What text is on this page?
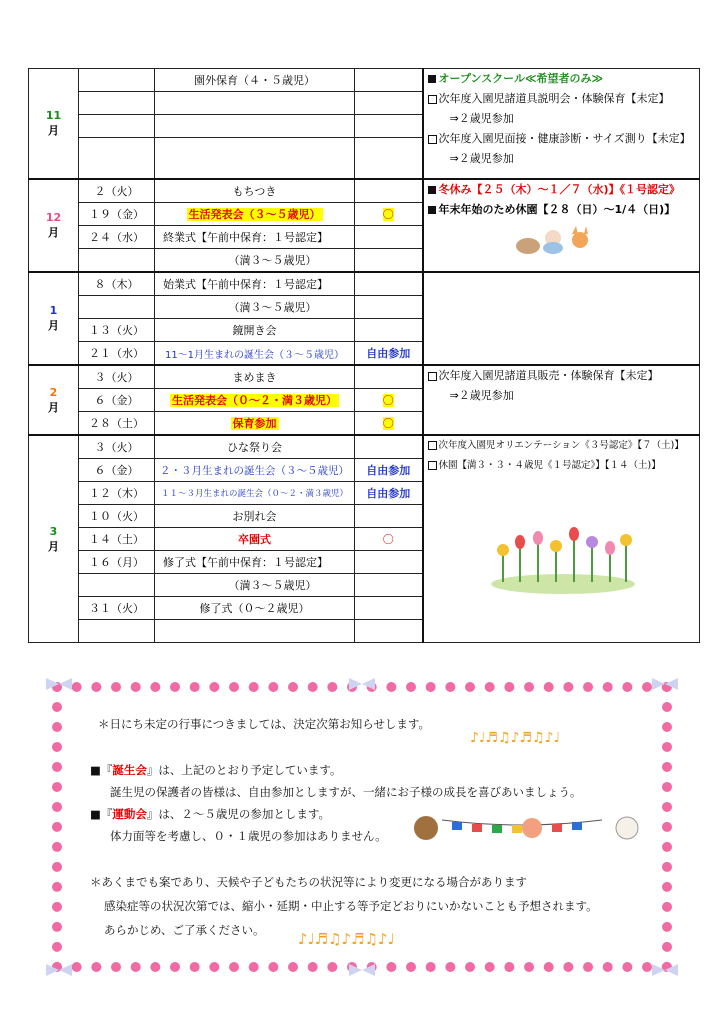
11
月		園外保育（４・５歳児）		オープンスクール≪希望者のみ≫
次年度入園児諸道具説明会・体験保育【未定】
⇒２歳児参加
次年度入園児面接・健康診断・サイズ測り【未定】
⇒２歳児参加

12
月	２（火）	もちつき		冬休み【２５（木）～１／７（水)】《１号認定》
年末年始のため休園【２８（日）～1/４（日)】

	１９（金）	生活発表会（３～５歳児）	〇	
	２４（水）	終業式【午前中保育：１号認定】		
		（満３～５歳児）		

1
月	８（木）	始業式【午前中保育：１号認定】		
		（満３～５歳児）		
	１３（火）	鏡開き会		
	２１（水）	11～1月生まれの誕生会（３～５歳児）	自由参加	

2
月	３（火）	まめまき		次年度入園児諸道具販売・体験保育【未定】
⇒２歳児参加

	６（金）	生活発表会（０～２・満３歳児）	〇	
	２８（土）	保育参加	〇	

3
月	３（火）	ひな祭り会		次年度入園児オリエンテーション《３号認定》【７（土)】
休園【満３・３・４歳児《１号認定》】【１４（土)】

	６（金）	２・３月生まれの誕生会（３～５歳児）	自由参加	
	１２（木）	１１～３月生まれの誕生会（０～２・満３歳児）	自由参加	
	１０（火）	お別れ会		
	１４（土）	卒園式	〇	
	１６（月）	修了式【午前中保育：１号認定】		
		（満３～５歳児）		
	３１（火）	修了式（０～２歳児）		

＊日にち未定の行事につきましては、決定次第お知らせします。
♪♩♬♫♪♬♫♪♩
■『誕生会』は、上記のとおり予定しています。
誕生児の保護者の皆様は、自由参加としますが、一緒にお子様の成長を喜びあいましょう。
■『運動会』は、２～５歳児の参加とします。
体力面等を考慮し、０・１歳児の参加はありません。
＊あくまでも案であり、天候や子どもたちの状況等により変更になる場合があります
感染症等の状況次第では、縮小・延期・中止する等予定どおりにいかないことも予想されます。
あらかじめ、ご了承ください。 ♪♩♬♫♪♬♫♪♩
